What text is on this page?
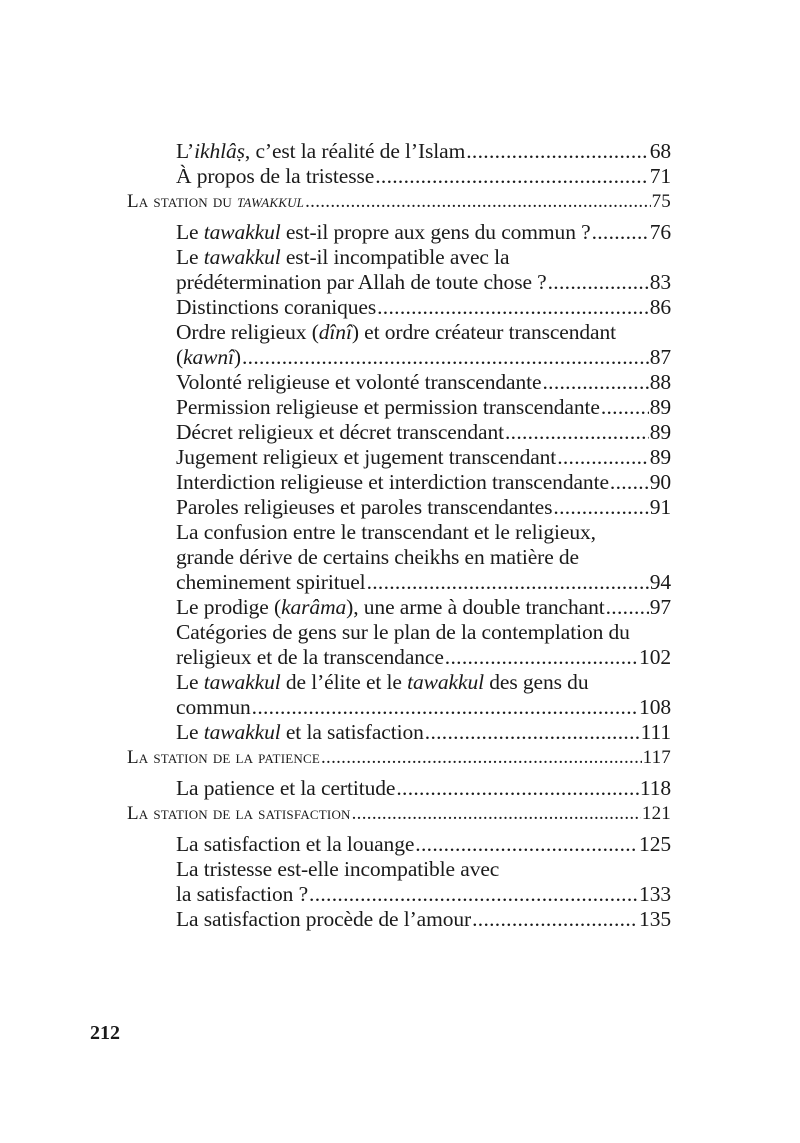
L’ikhlâṣ, c’est la réalité de l’Islam .....	68
À propos de la tristesse .....	71
La station du tawakkul .....	75
Le tawakkul est-il propre aux gens du commun ? .....	76
Le tawakkul est-il incompatible avec la
prédétermination par Allah de toute chose ? .....	83
Distinctions coraniques .....	86
Ordre religieux (dînî) et ordre créateur transcendant
(kawnî) .....	87
Volonté religieuse et volonté transcendante .....	88
Permission religieuse et permission transcendante ..... 89
Décret religieux et décret transcendant .....	89
Jugement religieux et jugement transcendant .....	89
Interdiction religieuse et interdiction transcendante ..... 90
Paroles religieuses et paroles transcendantes .....	91
La confusion entre le transcendant et le religieux,
grande dérive de certains cheikhs en matière de
cheminement spirituel .....	94
Le prodige (karâma), une arme à double tranchant ..... 97
Catégories de gens sur le plan de la contemplation du
religieux et de la transcendance .....	102
Le tawakkul de l’élite et le tawakkul des gens du
commun .....	108
Le tawakkul et la satisfaction .....	111
La station de la patience .....	117
La patience et la certitude .....	118
La station de la satisfaction .....	121
La satisfaction et la louange .....	125
La tristesse est-elle incompatible avec
la satisfaction ? .....	133
La satisfaction procède de l’amour .....	135
212
